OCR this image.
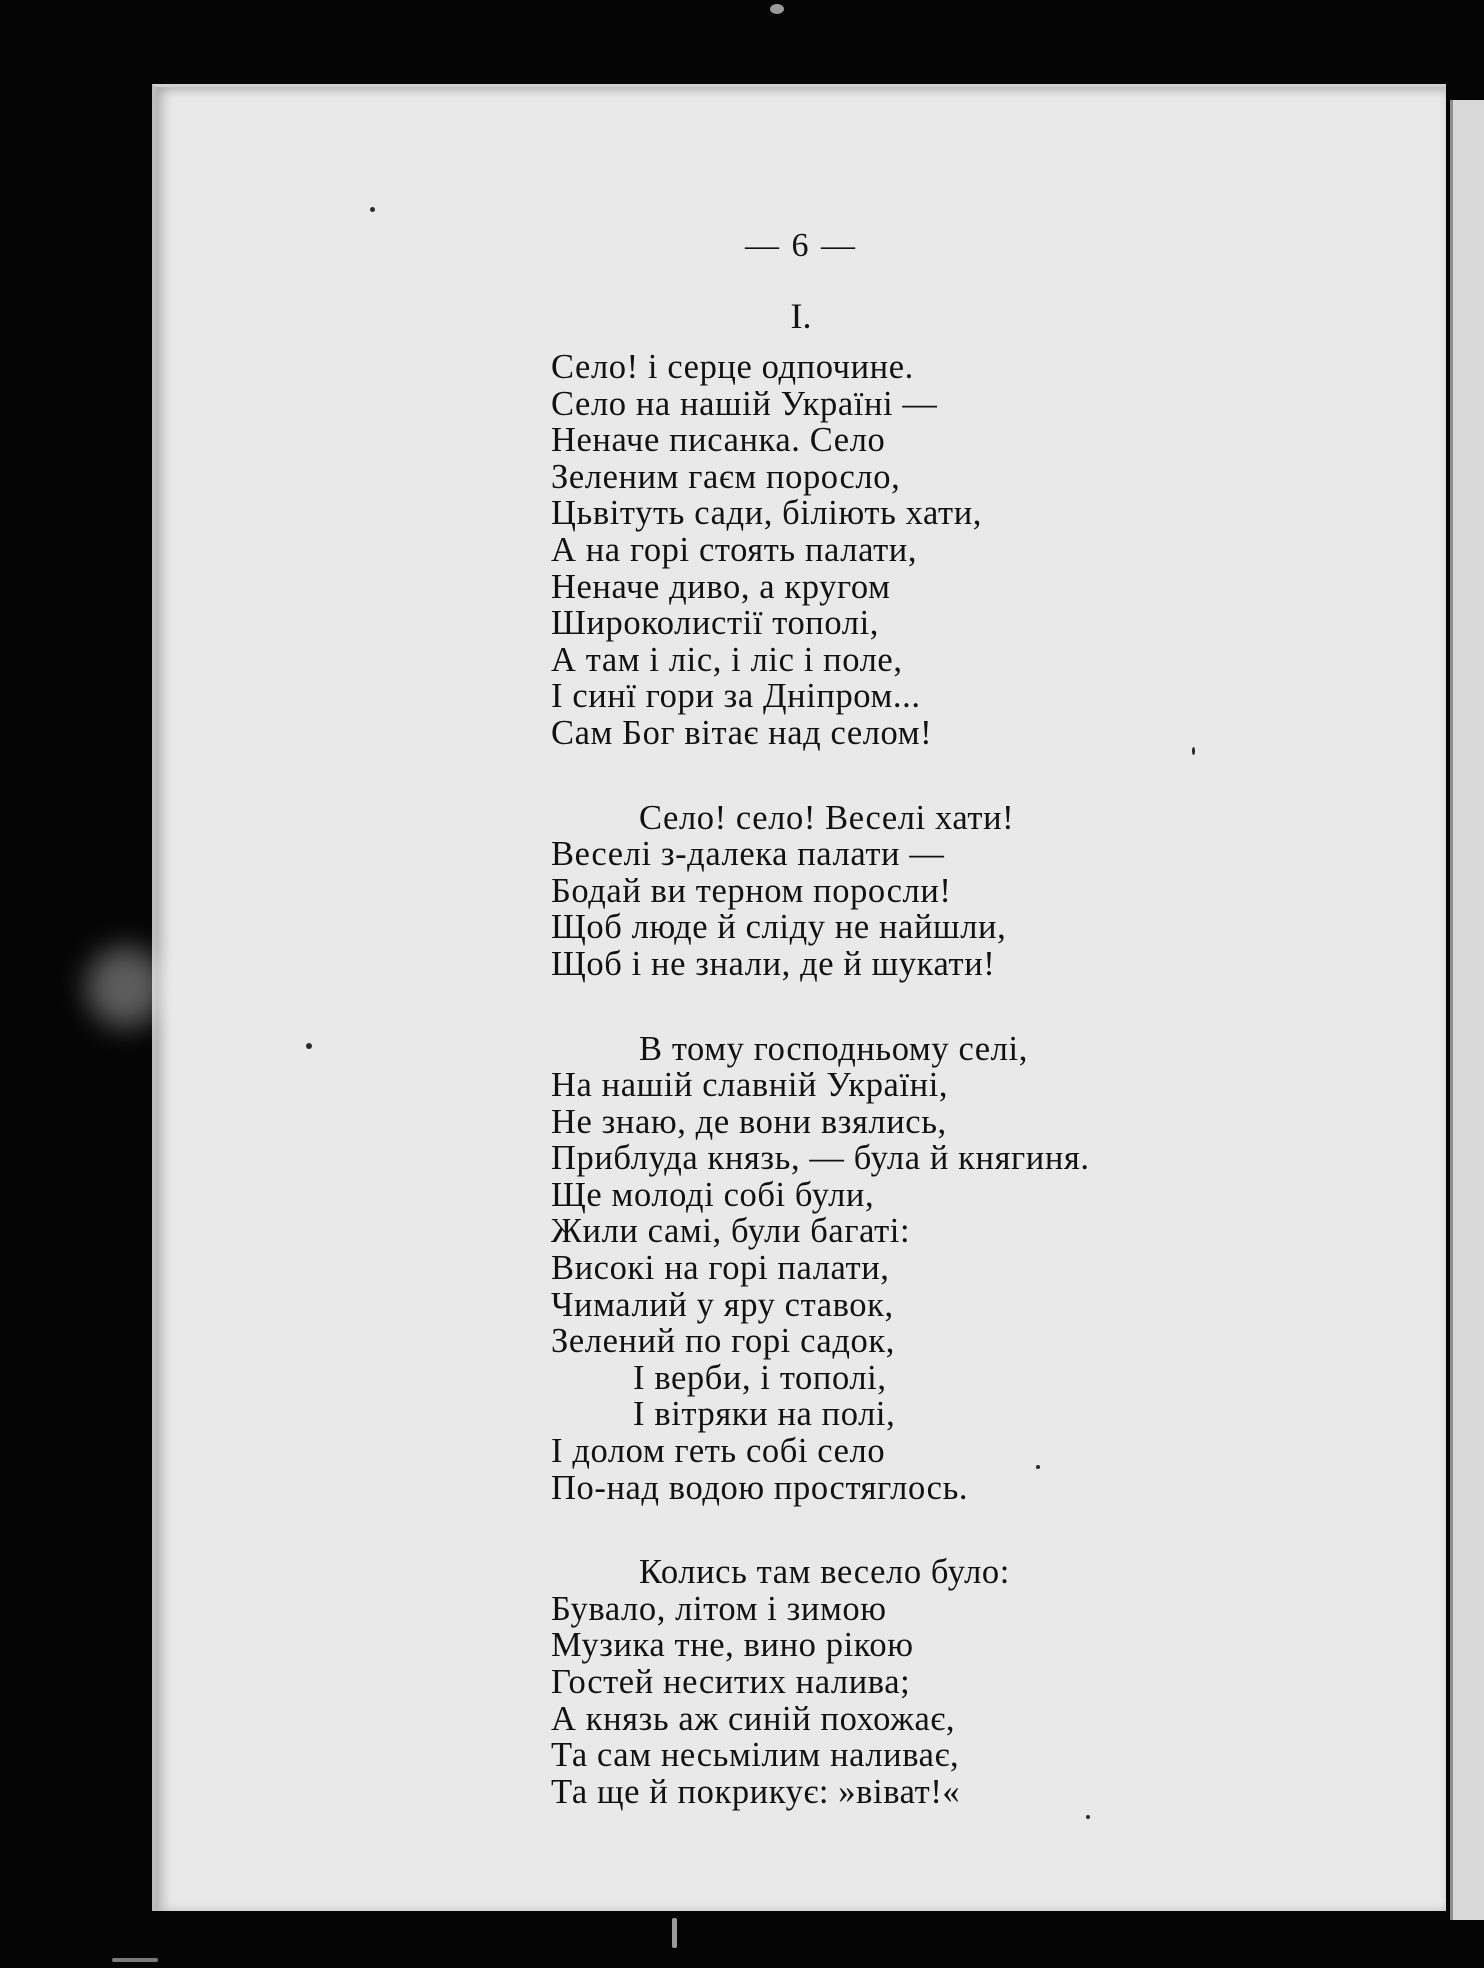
— 6 —
I.
Село! і серце одпочине.
Село на нашій Україні —
Неначе писанка. Село
Зеленим гаєм поросло,
Цьвітуть сади, біліють хати,
А на горі стоять палати,
Неначе диво, а кругом
Широколистії тополі,
А там і ліс, і ліс і поле,
І синї гори за Дніпром...
Сам Бог вітає над селом!
Село! село! Веселі хати!
Веселі з-далека палати —
Бодай ви терном поросли!
Щоб люде й сліду не найшли,
Щоб і не знали, де й шукати!
В тому господньому селі,
На нашій славній Україні,
Не знаю, де вони взялись,
Приблуда князь, — була й княгиня.
Ще молоді собі були,
Жили самі, були багаті:
Високі на горі палати,
Чималий у яру ставок,
Зелений по горі садок,
І верби, і тополі,
І вітряки на полі,
І долом геть собі село
По-над водою простяглось.
Колись там весело було:
Бувало, літом і зимою
Музика тне, вино рікою
Гостей неситих налива;
А князь аж синій похожає,
Та сам несьмілим наливає,
Та ще й покрикує: »віват!«
